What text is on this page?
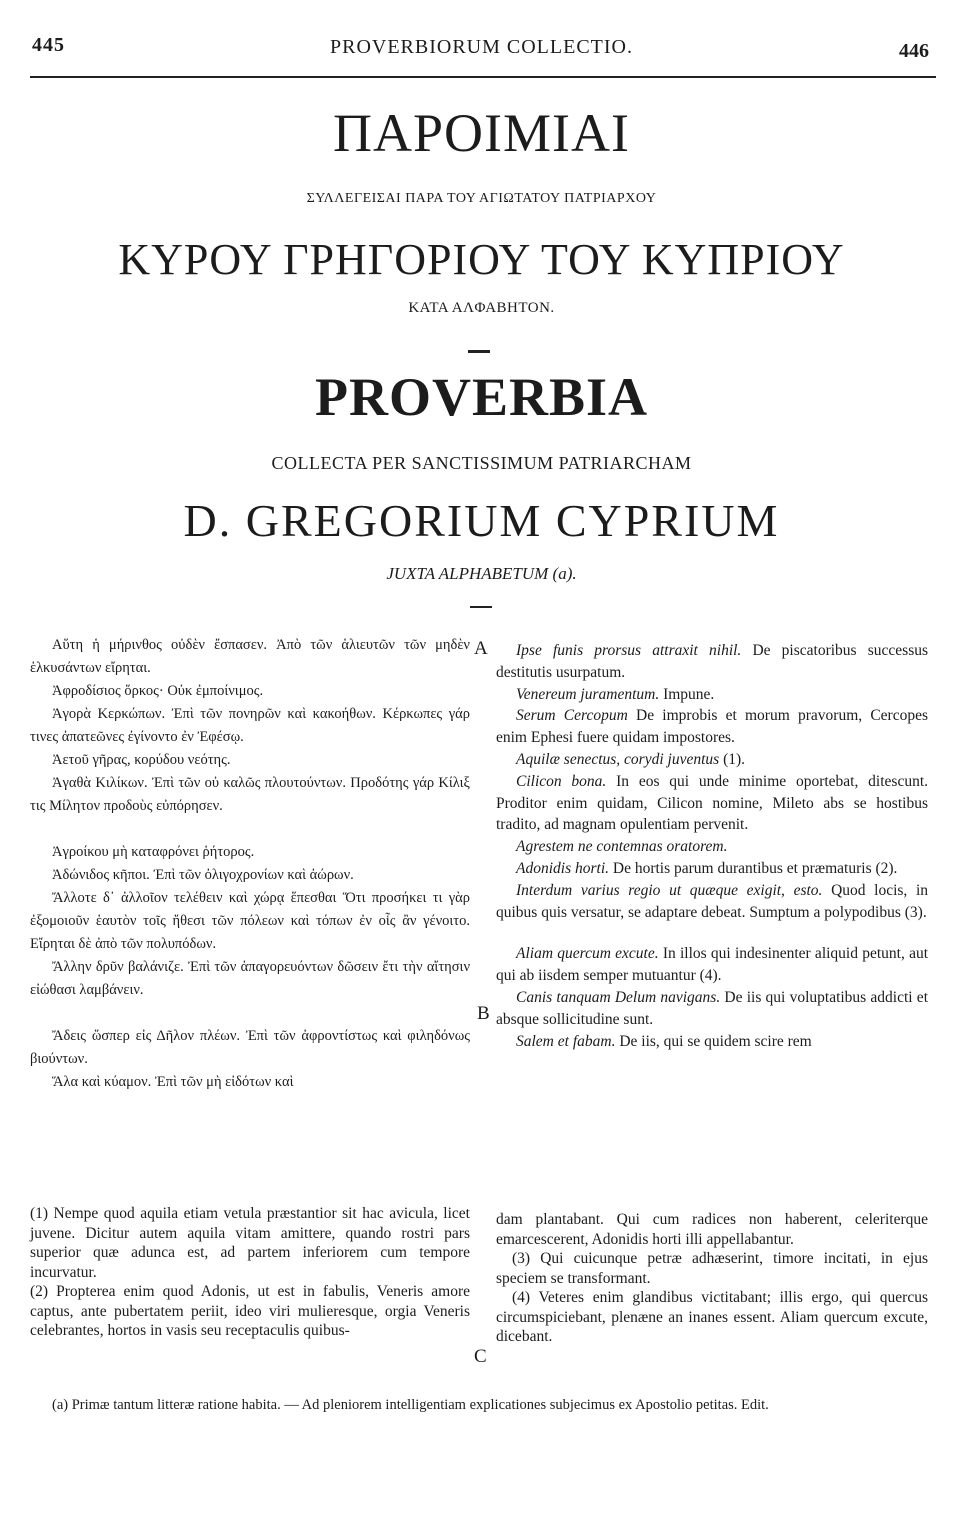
445	PROVERBIORUM COLLECTIO.	446
ΠΑΡΟΙΜΙΑΙ
ΣΥΛΛΕΓΕΙΣΑΙ ΠΑΡΑ ΤΟΥ ΑΓΙΩΤΑΤΟΥ ΠΑΤΡΙΑΡΧΟΥ
ΚΥΡΟΥ ΓΡΗΓΟΡΙΟΥ ΤΟΥ ΚΥΠΡΙΟΥ
ΚΑΤΑ ΑΛΦΑΒΗΤΟΝ.
PROVERBIA
COLLECTA PER SANCTISSIMUM PATRIARCHAM
D. GREGORIUM CYPRIUM
JUXTA ALPHABETUM (a).

Αὕτη ἡ μήρινθος οὐδὲν ἔσπασεν. Ἀπὸ τῶν ἁλιευτῶν τῶν μηδὲν ἑλκυσάντων εἴρηται.

Ἀφροδίσιος ὅρκος· Οὐκ ἐμποίνιμος.

Ἀγορὰ Κερκώπων. Ἐπὶ τῶν πονηρῶν καὶ κακοήθων. Κέρκωπες γάρ τινες ἀπατεῶνες ἐγίνοντο ἐν Ἐφέσῳ.

Ἀετοῦ γῆρας, κορύδου νεότης.

Ἀγαθὰ Κιλίκων. Ἐπὶ τῶν οὐ καλῶς πλουτούντων. Προδότης γάρ Κίλιξ τις Μίλητον προδοὺς εὐπόρησεν.

Ἀγροίκου μὴ καταφρόνει ῥήτορος.

Ἀδώνιδος κῆποι. Ἐπὶ τῶν ὀλιγοχρονίων καὶ ἀώρων.

Ἄλλοτε δ᾽ ἀλλοῖον τελέθειν καὶ χώρᾳ ἕπεσθαι Ὅτι προσήκει τι γὰρ ἐξομοιοῦν ἑαυτὸν τοῖς ἤθεσι τῶν πόλεων καὶ τόπων ἐν οἷς ἂν γένοιτο. Εἴρηται δὲ ἀπὸ τῶν πολυπόδων.

Ἄλλην δρῦν βαλάνιζε. Ἐπὶ τῶν ἀπαγορευόντων δῶσειν ἔτι τὴν αἴτησιν εἰώθασι λαμβάνειν.

Ἄδεις ὥσπερ εἰς Δῆλον πλέων. Ἐπὶ τῶν ἀφροντίστως καὶ φιληδόνως βιούντων.

Ἅλα καὶ κύαμον. Ἐπὶ τῶν μὴ εἰδότων καὶ

A
B
C

Ipse funis prorsus attraxit nihil. De piscatoribus successus destitutis usurpatum.

Venereum juramentum. Impune.

Serum Cercopum De improbis et morum pravorum, Cercopes enim Ephesi fuere quidam impostores.

Aquilæ senectus, corydi juventus (1).

Cilicon bona. In eos qui unde minime oportebat, ditescunt. Proditor enim quidam, Cilicon nomine, Mileto abs se hostibus tradito, ad magnam opulentiam pervenit.

Agrestem ne contemnas oratorem.

Adonidis horti. De hortis parum durantibus et præmaturis (2).

Interdum varius regio ut quæque exigit, esto. Quod locis, in quibus quis versatur, se adaptare debeat. Sumptum a polypodibus (3).

Aliam quercum excute. In illos qui indesinenter aliquid petunt, aut qui ab iisdem semper mutuantur (4).

Canis tanquam Delum navigans. De iis qui voluptatibus addicti et absque sollicitudine sunt.

Salem et fabam. De iis, qui se quidem scire rem

(1) Nempe quod aquila etiam vetula præstantior sit hac avicula, licet juvene. Dicitur autem aquila vitam amittere, quando rostri pars superior quæ adunca est, ad partem inferiorem cum tempore incurvatur.

(2) Propterea enim quod Adonis, ut est in fabulis, Veneris amore captus, ante pubertatem periit, ideo viri mulieresque, orgia Veneris celebrantes, hortos in vasis seu receptaculis quibus-

dam plantabant. Qui cum radices non haberent, celeriterque emarcescerent, Adonidis horti illi appellabantur.

(3) Qui cuicunque petræ adhæserint, timore incitati, in ejus speciem se transformant.

(4) Veteres enim glandibus victitabant; illis ergo, qui quercus circumspiciebant, plenæne an inanes essent. Aliam quercum excute, dicebant.

(a) Primæ tantum litteræ ratione habita. — Ad pleniorem intelligentiam explicationes subjecimus ex Apostolio petitas. Edit.
